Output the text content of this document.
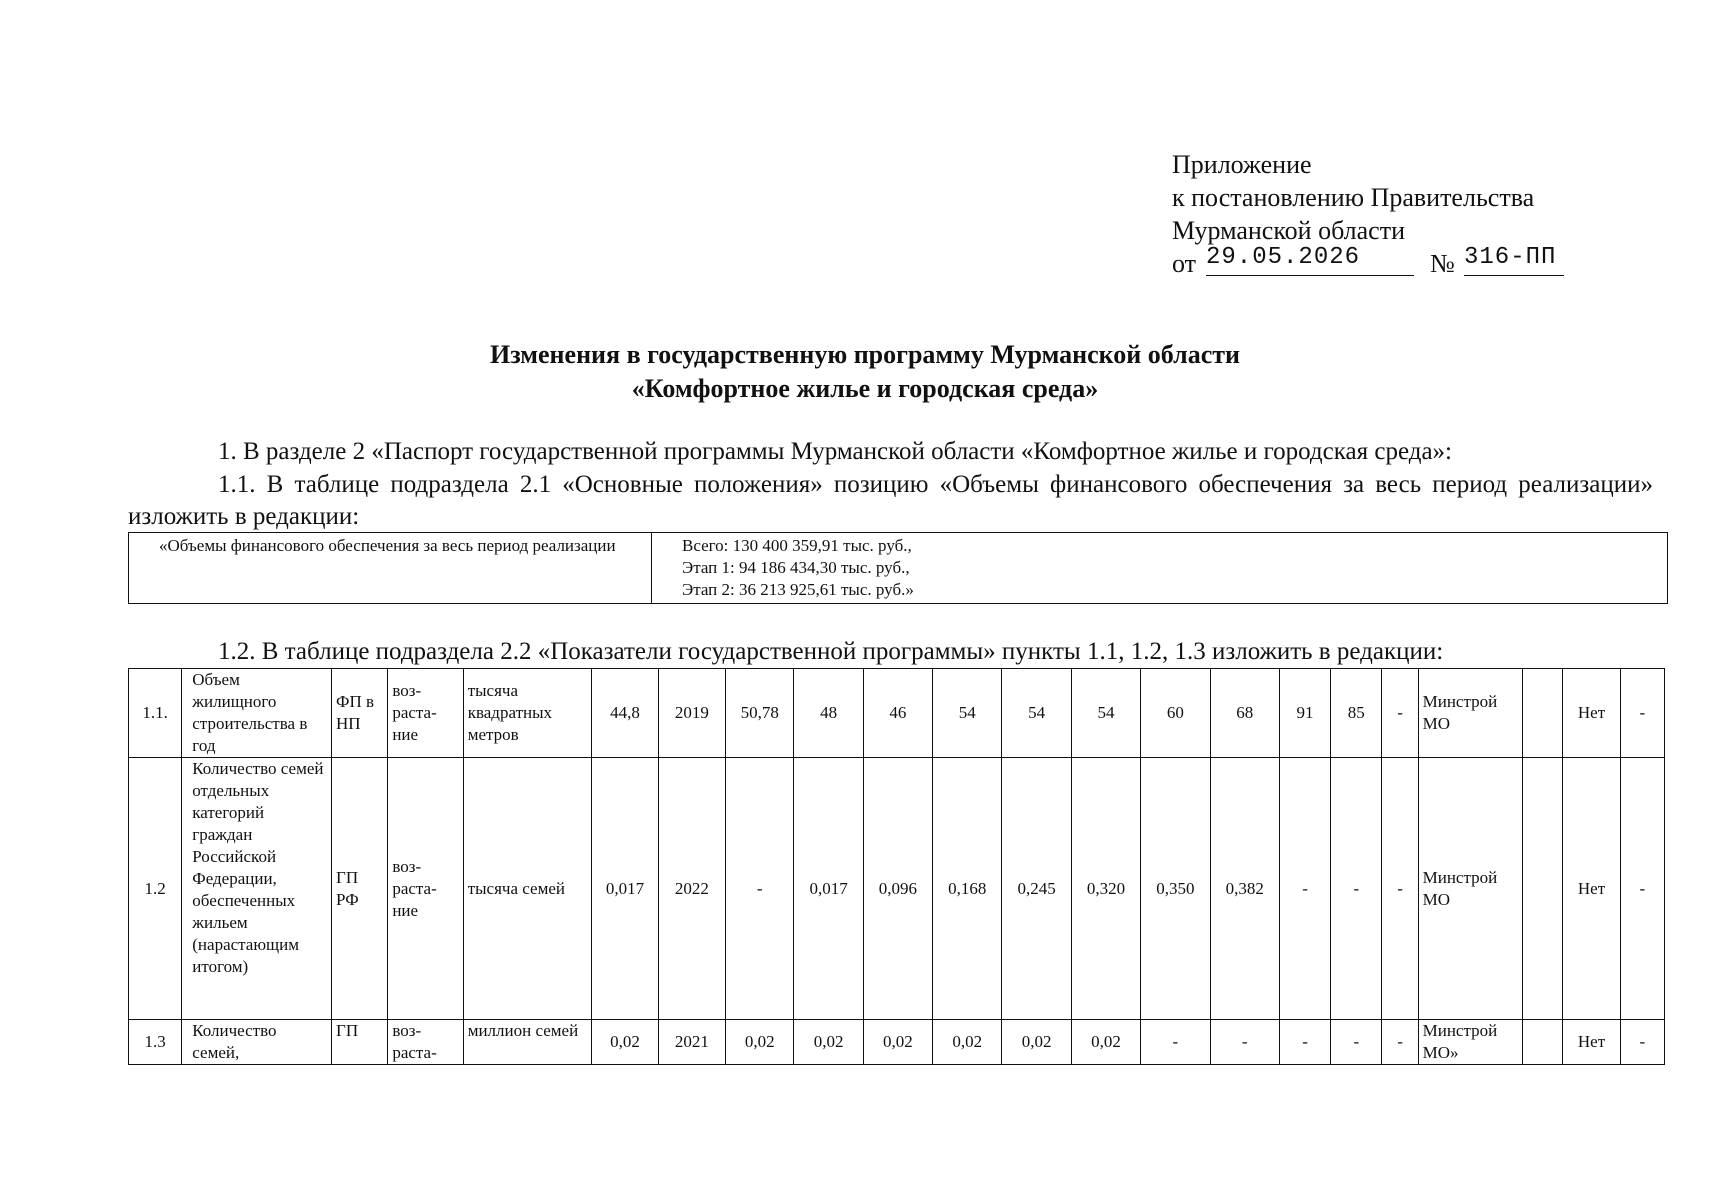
Приложение
к постановлению Правительства
Мурманской области
от 29.05.2026	№ 316-ПП
Изменения в государственную программу Мурманской области
«Комфортное жилье и городская среда»
1. В разделе 2 «Паспорт государственной программы Мурманской области «Комфортное жилье и городская среда»:
1.1. В таблице подраздела 2.1 «Основные положения» позицию «Объемы финансового обеспечения за весь период реализации» изложить в редакции:
«Объемы финансового обеспечения за весь период реализации	Всего: 130 400 359,91 тыс. руб.,
Этап 1: 94 186 434,30 тыс. руб.,
Этап 2: 36 213 925,61 тыс. руб.»
1.2. В таблице подраздела 2.2 «Показатели государственной программы» пункты 1.1, 1.2, 1.3 изложить в редакции:
1.1.	Объем жилищного строительства в год	ФП в НП	воз-раста-ние	тысяча квадратных метров	44,8	2019	50,78	48	46	54	54	54	60	68	91	85	-	Минстрой МО		Нет	-
1.2	Количество семей отдельных категорий граждан Российской Федерации, обеспеченных жильем (нарастающим итогом)	ГП РФ	воз-раста-ние	тысяча семей	0,017	2022	-	0,017	0,096	0,168	0,245	0,320	0,350	0,382	-	-	-	Минстрой МО		Нет	-
1.3	Количество семей,	ГП	воз-раста-	миллион семей	0,02	2021	0,02	0,02	0,02	0,02	0,02	0,02	-	-	-	-	-	Минстрой МО»		Нет	-
